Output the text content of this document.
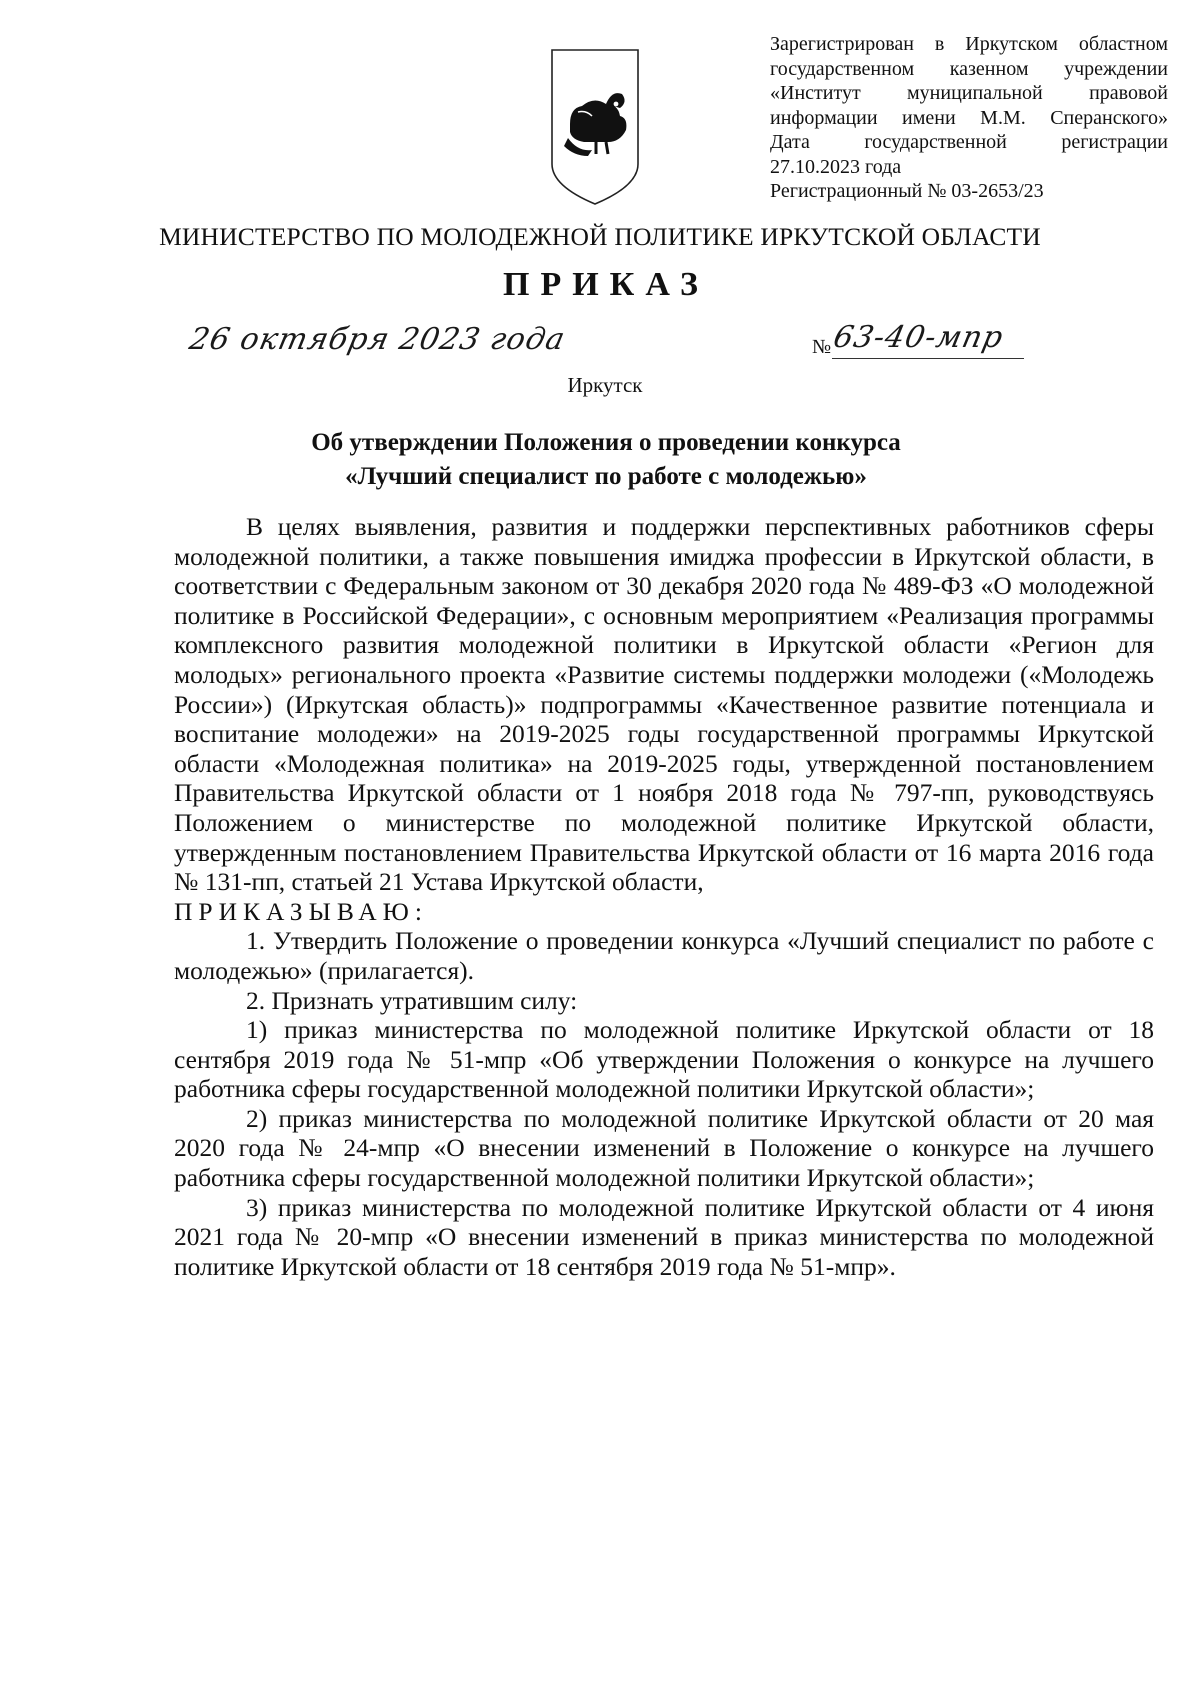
Зарегистрирован в Иркутском областном
государственном казенном учреждении
«Институт муниципальной правовой
информации имени М.М. Сперанского»
Дата государственной регистрации
27.10.2023 года
Регистрационный № 03-2653/23
МИНИСТЕРСТВО ПО МОЛОДЕЖНОЙ ПОЛИТИКЕ ИРКУТСКОЙ ОБЛАСТИ
ПРИКАЗ
26 октября 2023 года	№ 63-40-мпр
Иркутск
Об утверждении Положения о проведении конкурса
«Лучший специалист по работе с молодежью»

В целях выявления, развития и поддержки перспективных работников сферы молодежной политики, а также повышения имиджа профессии в Иркутской области, в соответствии с Федеральным законом от 30 декабря 2020 года № 489-ФЗ «О молодежной политике в Российской Федерации», с основным мероприятием «Реализация программы комплексного развития молодежной политики в Иркутской области «Регион для молодых» регионального проекта «Развитие системы поддержки молодежи («Молодежь России») (Иркутская область)» подпрограммы «Качественное развитие потенциала и воспитание молодежи» на 2019-2025 годы государственной программы Иркутской области «Молодежная политика» на 2019-2025 годы, утвержденной постановлением Правительства Иркутской области от 1 ноября 2018 года № 797-пп, руководствуясь Положением о министерстве по молодежной политике Иркутской области, утвержденным постановлением Правительства Иркутской области от 16 марта 2016 года № 131-пп, статьей 21 Устава Иркутской области,

ПРИКАЗЫВАЮ:

1. Утвердить Положение о проведении конкурса «Лучший специалист по работе с молодежью» (прилагается).

2. Признать утратившим силу:

1) приказ министерства по молодежной политике Иркутской области от 18 сентября 2019 года № 51-мпр «Об утверждении Положения о конкурсе на лучшего работника сферы государственной молодежной политики Иркутской области»;

2) приказ министерства по молодежной политике Иркутской области от 20 мая 2020 года № 24-мпр «О внесении изменений в Положение о конкурсе на лучшего работника сферы государственной молодежной политики Иркутской области»;

3) приказ министерства по молодежной политике Иркутской области от 4 июня 2021 года № 20-мпр «О внесении изменений в приказ министерства по молодежной политике Иркутской области от 18 сентября 2019 года № 51-мпр».
